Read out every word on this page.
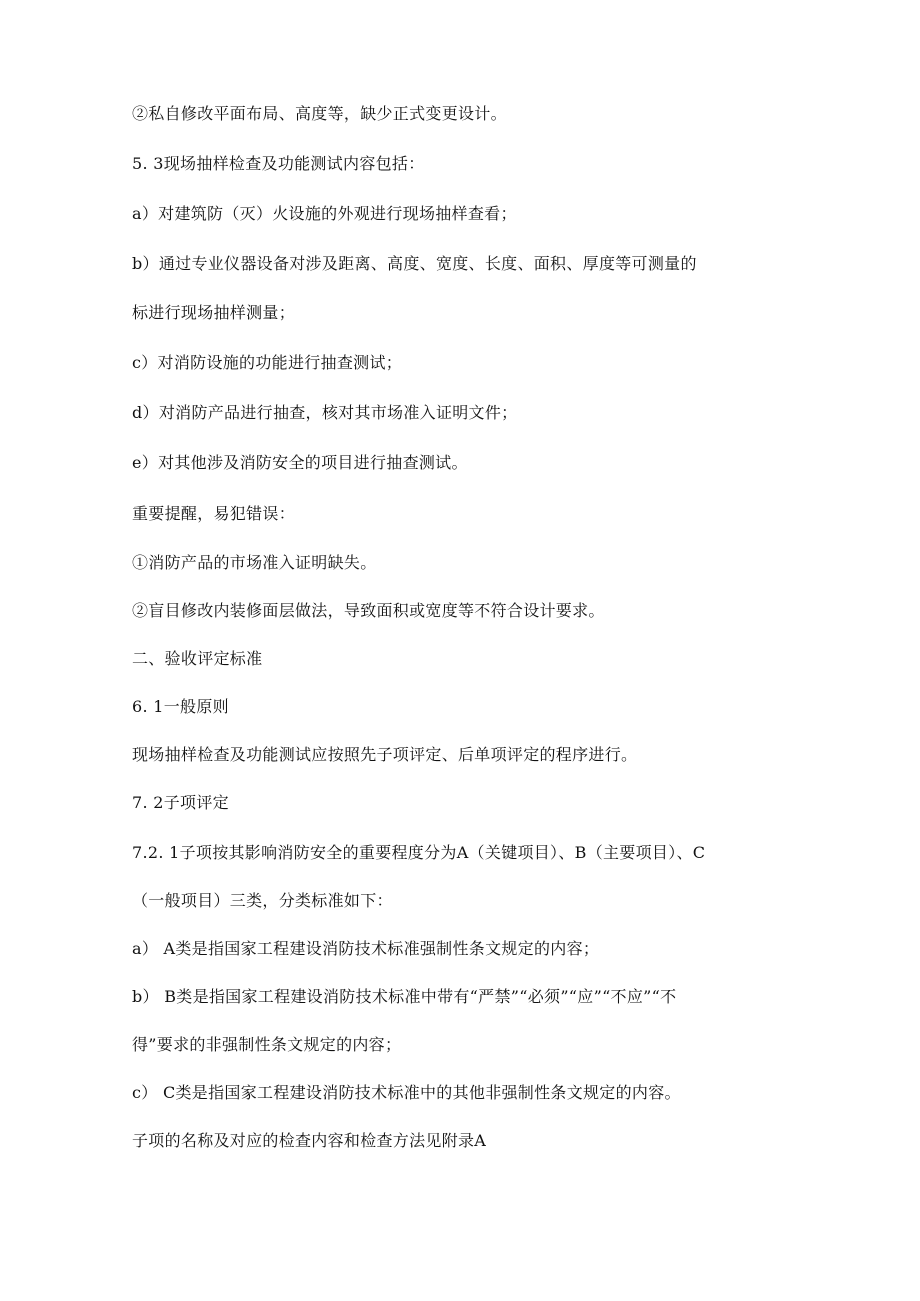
②私自修改平面布局、高度等，缺少正式变更设计。
5. 3现场抽样检查及功能测试内容包括：
a）对建筑防（灭）火设施的外观进行现场抽样查看；
b）通过专业仪器设备对涉及距离、高度、宽度、长度、面积、厚度等可测量的
标进行现场抽样测量；
c）对消防设施的功能进行抽查测试；
d）对消防产品进行抽查，核对其市场准入证明文件；
e）对其他涉及消防安全的项目进行抽查测试。
重要提醒，易犯错误：
①消防产品的市场准入证明缺失。
②盲目修改内装修面层做法，导致面积或宽度等不符合设计要求。
二、验收评定标准
6. 1一般原则
现场抽样检查及功能测试应按照先子项评定、后单项评定的程序进行。
7. 2子项评定
7.2. 1子项按其影响消防安全的重要程度分为A（关键项目）、B（主要项目）、C
（一般项目）三类，分类标准如下：
a） A类是指国家工程建设消防技术标准强制性条文规定的内容；
b） B类是指国家工程建设消防技术标准中带有“严禁”“必须”“应”“不应”“不
得”要求的非强制性条文规定的内容；
c） C类是指国家工程建设消防技术标准中的其他非强制性条文规定的内容。
子项的名称及对应的检查内容和检查方法见附录A
